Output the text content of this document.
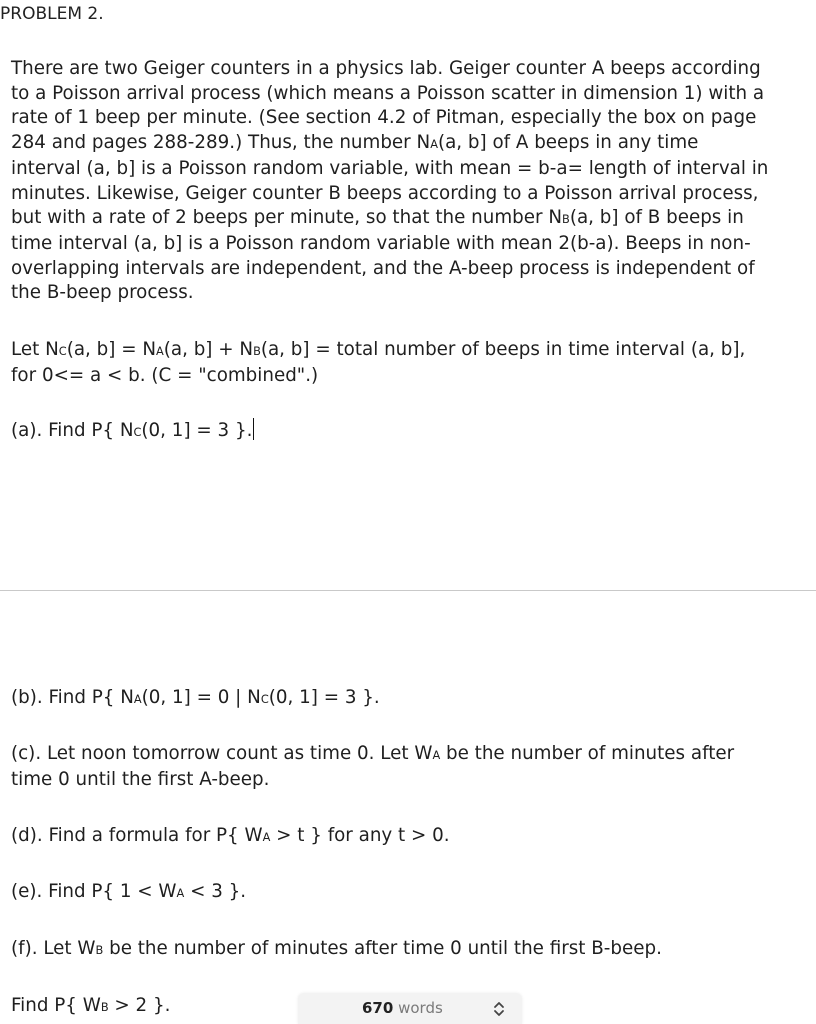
PROBLEM 2.

There are two Geiger counters in a physics lab. Geiger counter A beeps according
to a Poisson arrival process (which means a Poisson scatter in dimension 1) with a
rate of 1 beep per minute. (See section 4.2 of Pitman, especially the box on page
284 and pages 288-289.) Thus, the number NA(a, b] of A beeps in any time
interval (a, b] is a Poisson random variable, with mean = b-a= length of interval in
minutes. Likewise, Geiger counter B beeps according to a Poisson arrival process,
but with a rate of 2 beeps per minute, so that the number NB(a, b] of B beeps in
time interval (a, b] is a Poisson random variable with mean 2(b-a). Beeps in non-
overlapping intervals are independent, and the A-beep process is independent of
the B-beep process.

Let NC(a, b] = NA(a, b] + NB(a, b] = total number of beeps in time interval (a, b],
for 0<= a < b. (C = "combined".)

(a). Find P{ NC(0, 1] = 3 }.

(b). Find P{ NA(0, 1] = 0 | NC(0, 1] = 3 }.

(c). Let noon tomorrow count as time 0. Let WA be the number of minutes after
time 0 until the first A-beep.

(d). Find a formula for P{ WA > t } for any t > 0.

(e). Find P{ 1 < WA < 3 }.

(f). Let WB be the number of minutes after time 0 until the first B-beep.

Find P{ WB > 2 }.	670 words
